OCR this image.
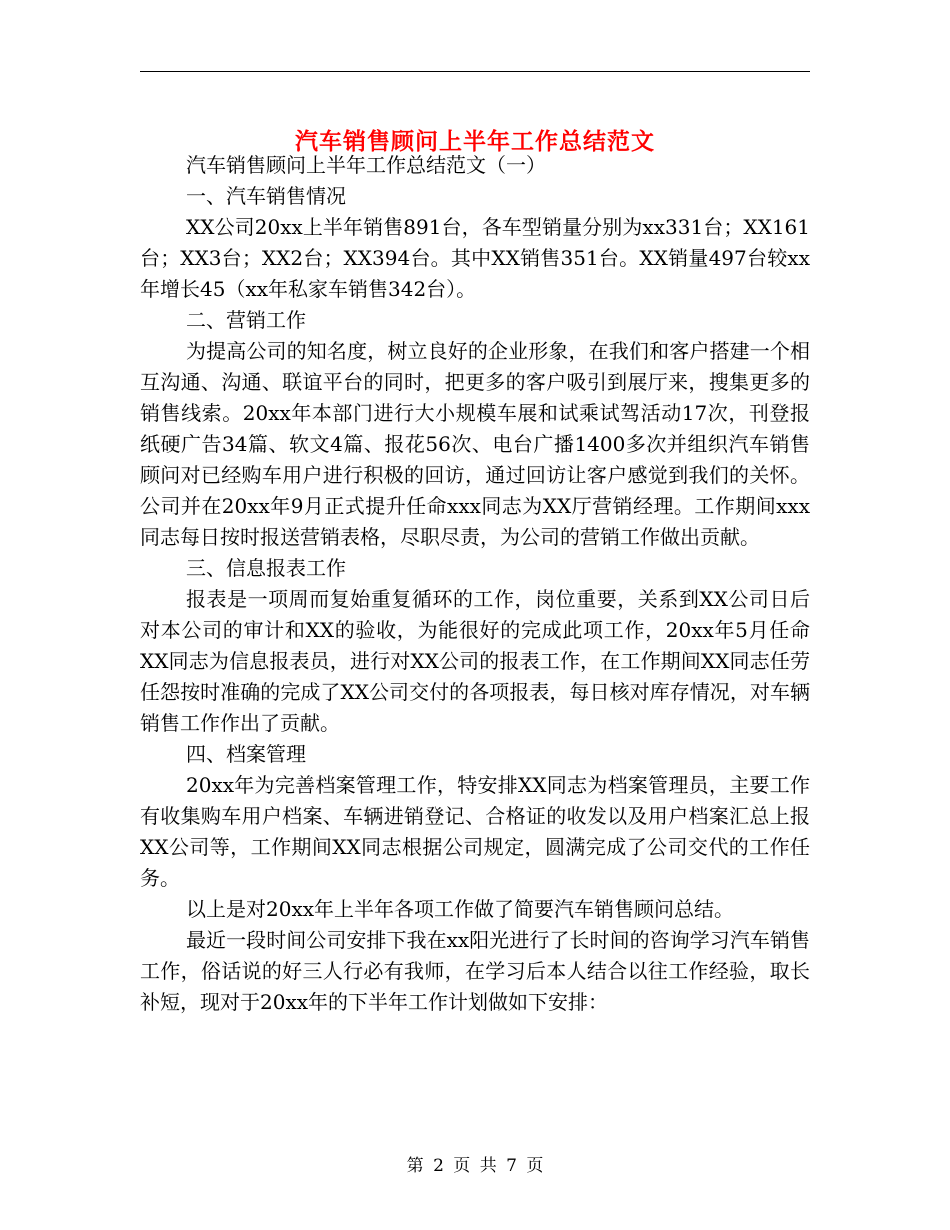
汽车销售顾问上半年工作总结范文

汽车销售顾问上半年工作总结范文（一）

一、汽车销售情况

XX公司20xx上半年销售891台，各车型销量分别为xx331台；XX161台；XX3台；XX2台；XX394台。其中XX销售351台。XX销量497台较xx年增长45（xx年私家车销售342台）。

二、营销工作

为提高公司的知名度，树立良好的企业形象，在我们和客户搭建一个相互沟通、沟通、联谊平台的同时，把更多的客户吸引到展厅来，搜集更多的销售线索。20xx年本部门进行大小规模车展和试乘试驾活动17次，刊登报纸硬广告34篇、软文4篇、报花56次、电台广播1400多次并组织汽车销售顾问对已经购车用户进行积极的回访，通过回访让客户感觉到我们的关怀。公司并在20xx年9月正式提升任命xxx同志为XX厅营销经理。工作期间xxx同志每日按时报送营销表格，尽职尽责，为公司的营销工作做出贡献。

三、信息报表工作

报表是一项周而复始重复循环的工作，岗位重要，关系到XX公司日后对本公司的审计和XX的验收，为能很好的完成此项工作，20xx年5月任命XX同志为信息报表员，进行对XX公司的报表工作，在工作期间XX同志任劳任怨按时准确的完成了XX公司交付的各项报表，每日核对库存情况，对车辆销售工作作出了贡献。

四、档案管理

20xx年为完善档案管理工作，特安排XX同志为档案管理员，主要工作有收集购车用户档案、车辆进销登记、合格证的收发以及用户档案汇总上报XX公司等，工作期间XX同志根据公司规定，圆满完成了公司交代的工作任务。

以上是对20xx年上半年各项工作做了简要汽车销售顾问总结。

最近一段时间公司安排下我在xx阳光进行了长时间的咨询学习汽车销售工作，俗话说的好三人行必有我师，在学习后本人结合以往工作经验，取长补短，现对于20xx年的下半年工作计划做如下安排：

第 2 页 共 7 页
